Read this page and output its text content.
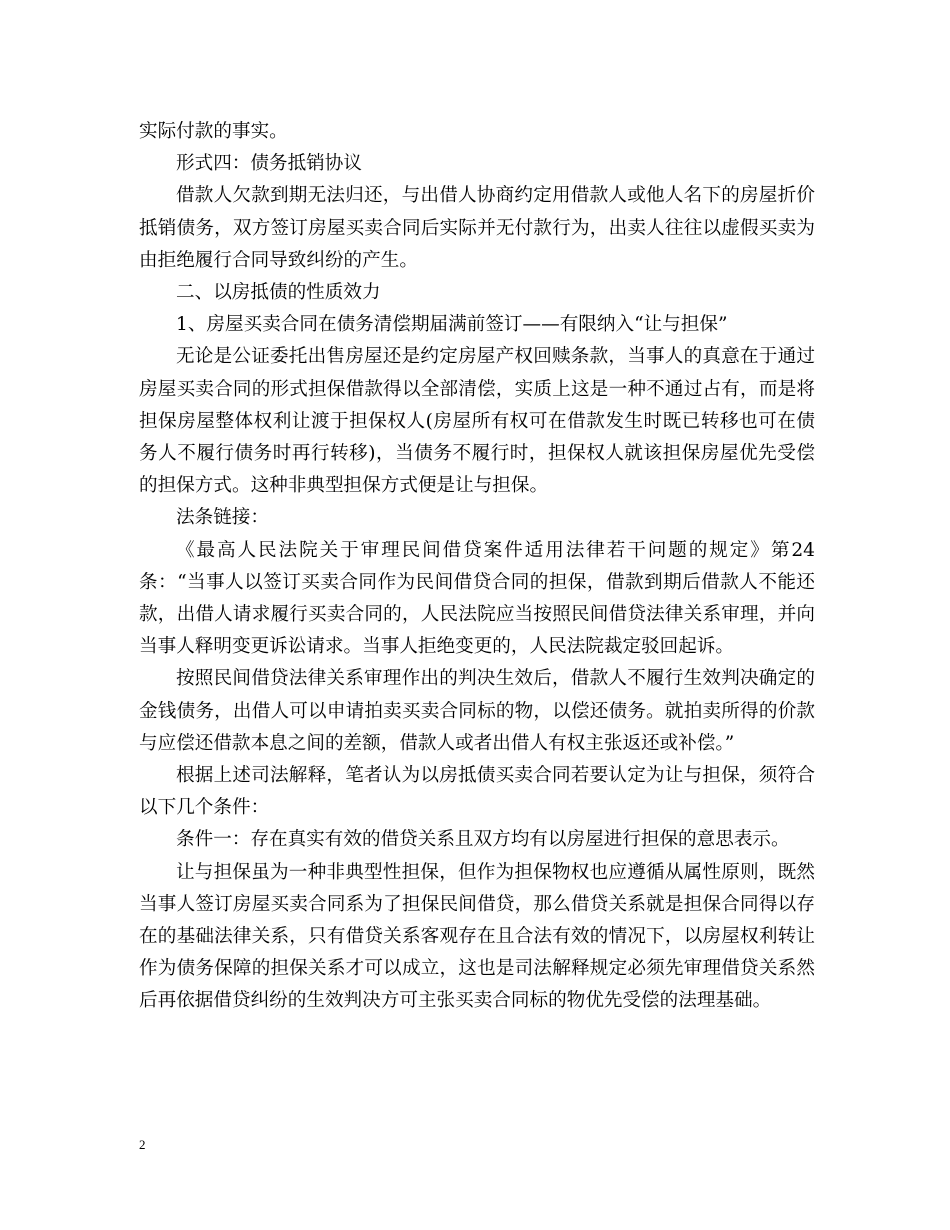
实际付款的事实。

形式四：债务抵销协议

借款人欠款到期无法归还，与出借人协商约定用借款人或他人名下的房屋折价抵销债务，双方签订房屋买卖合同后实际并无付款行为，出卖人往往以虚假买卖为由拒绝履行合同导致纠纷的产生。

二、以房抵债的性质效力

1、房屋买卖合同在债务清偿期届满前签订——有限纳入“让与担保”

无论是公证委托出售房屋还是约定房屋产权回赎条款，当事人的真意在于通过房屋买卖合同的形式担保借款得以全部清偿，实质上这是一种不通过占有，而是将担保房屋整体权利让渡于担保权人(房屋所有权可在借款发生时既已转移也可在债务人不履行债务时再行转移)，当债务不履行时，担保权人就该担保房屋优先受偿的担保方式。这种非典型担保方式便是让与担保。

法条链接：

《最高人民法院关于审理民间借贷案件适用法律若干问题的规定》第24条：“当事人以签订买卖合同作为民间借贷合同的担保，借款到期后借款人不能还款，出借人请求履行买卖合同的，人民法院应当按照民间借贷法律关系审理，并向当事人释明变更诉讼请求。当事人拒绝变更的，人民法院裁定驳回起诉。

按照民间借贷法律关系审理作出的判决生效后，借款人不履行生效判决确定的金钱债务，出借人可以申请拍卖买卖合同标的物，以偿还债务。就拍卖所得的价款与应偿还借款本息之间的差额，借款人或者出借人有权主张返还或补偿。”

根据上述司法解释，笔者认为以房抵债买卖合同若要认定为让与担保，须符合以下几个条件：

条件一：存在真实有效的借贷关系且双方均有以房屋进行担保的意思表示。

让与担保虽为一种非典型性担保，但作为担保物权也应遵循从属性原则，既然当事人签订房屋买卖合同系为了担保民间借贷，那么借贷关系就是担保合同得以存在的基础法律关系，只有借贷关系客观存在且合法有效的情况下，以房屋权利转让作为债务保障的担保关系才可以成立，这也是司法解释规定必须先审理借贷关系然后再依据借贷纠纷的生效判决方可主张买卖合同标的物优先受偿的法理基础。

2
